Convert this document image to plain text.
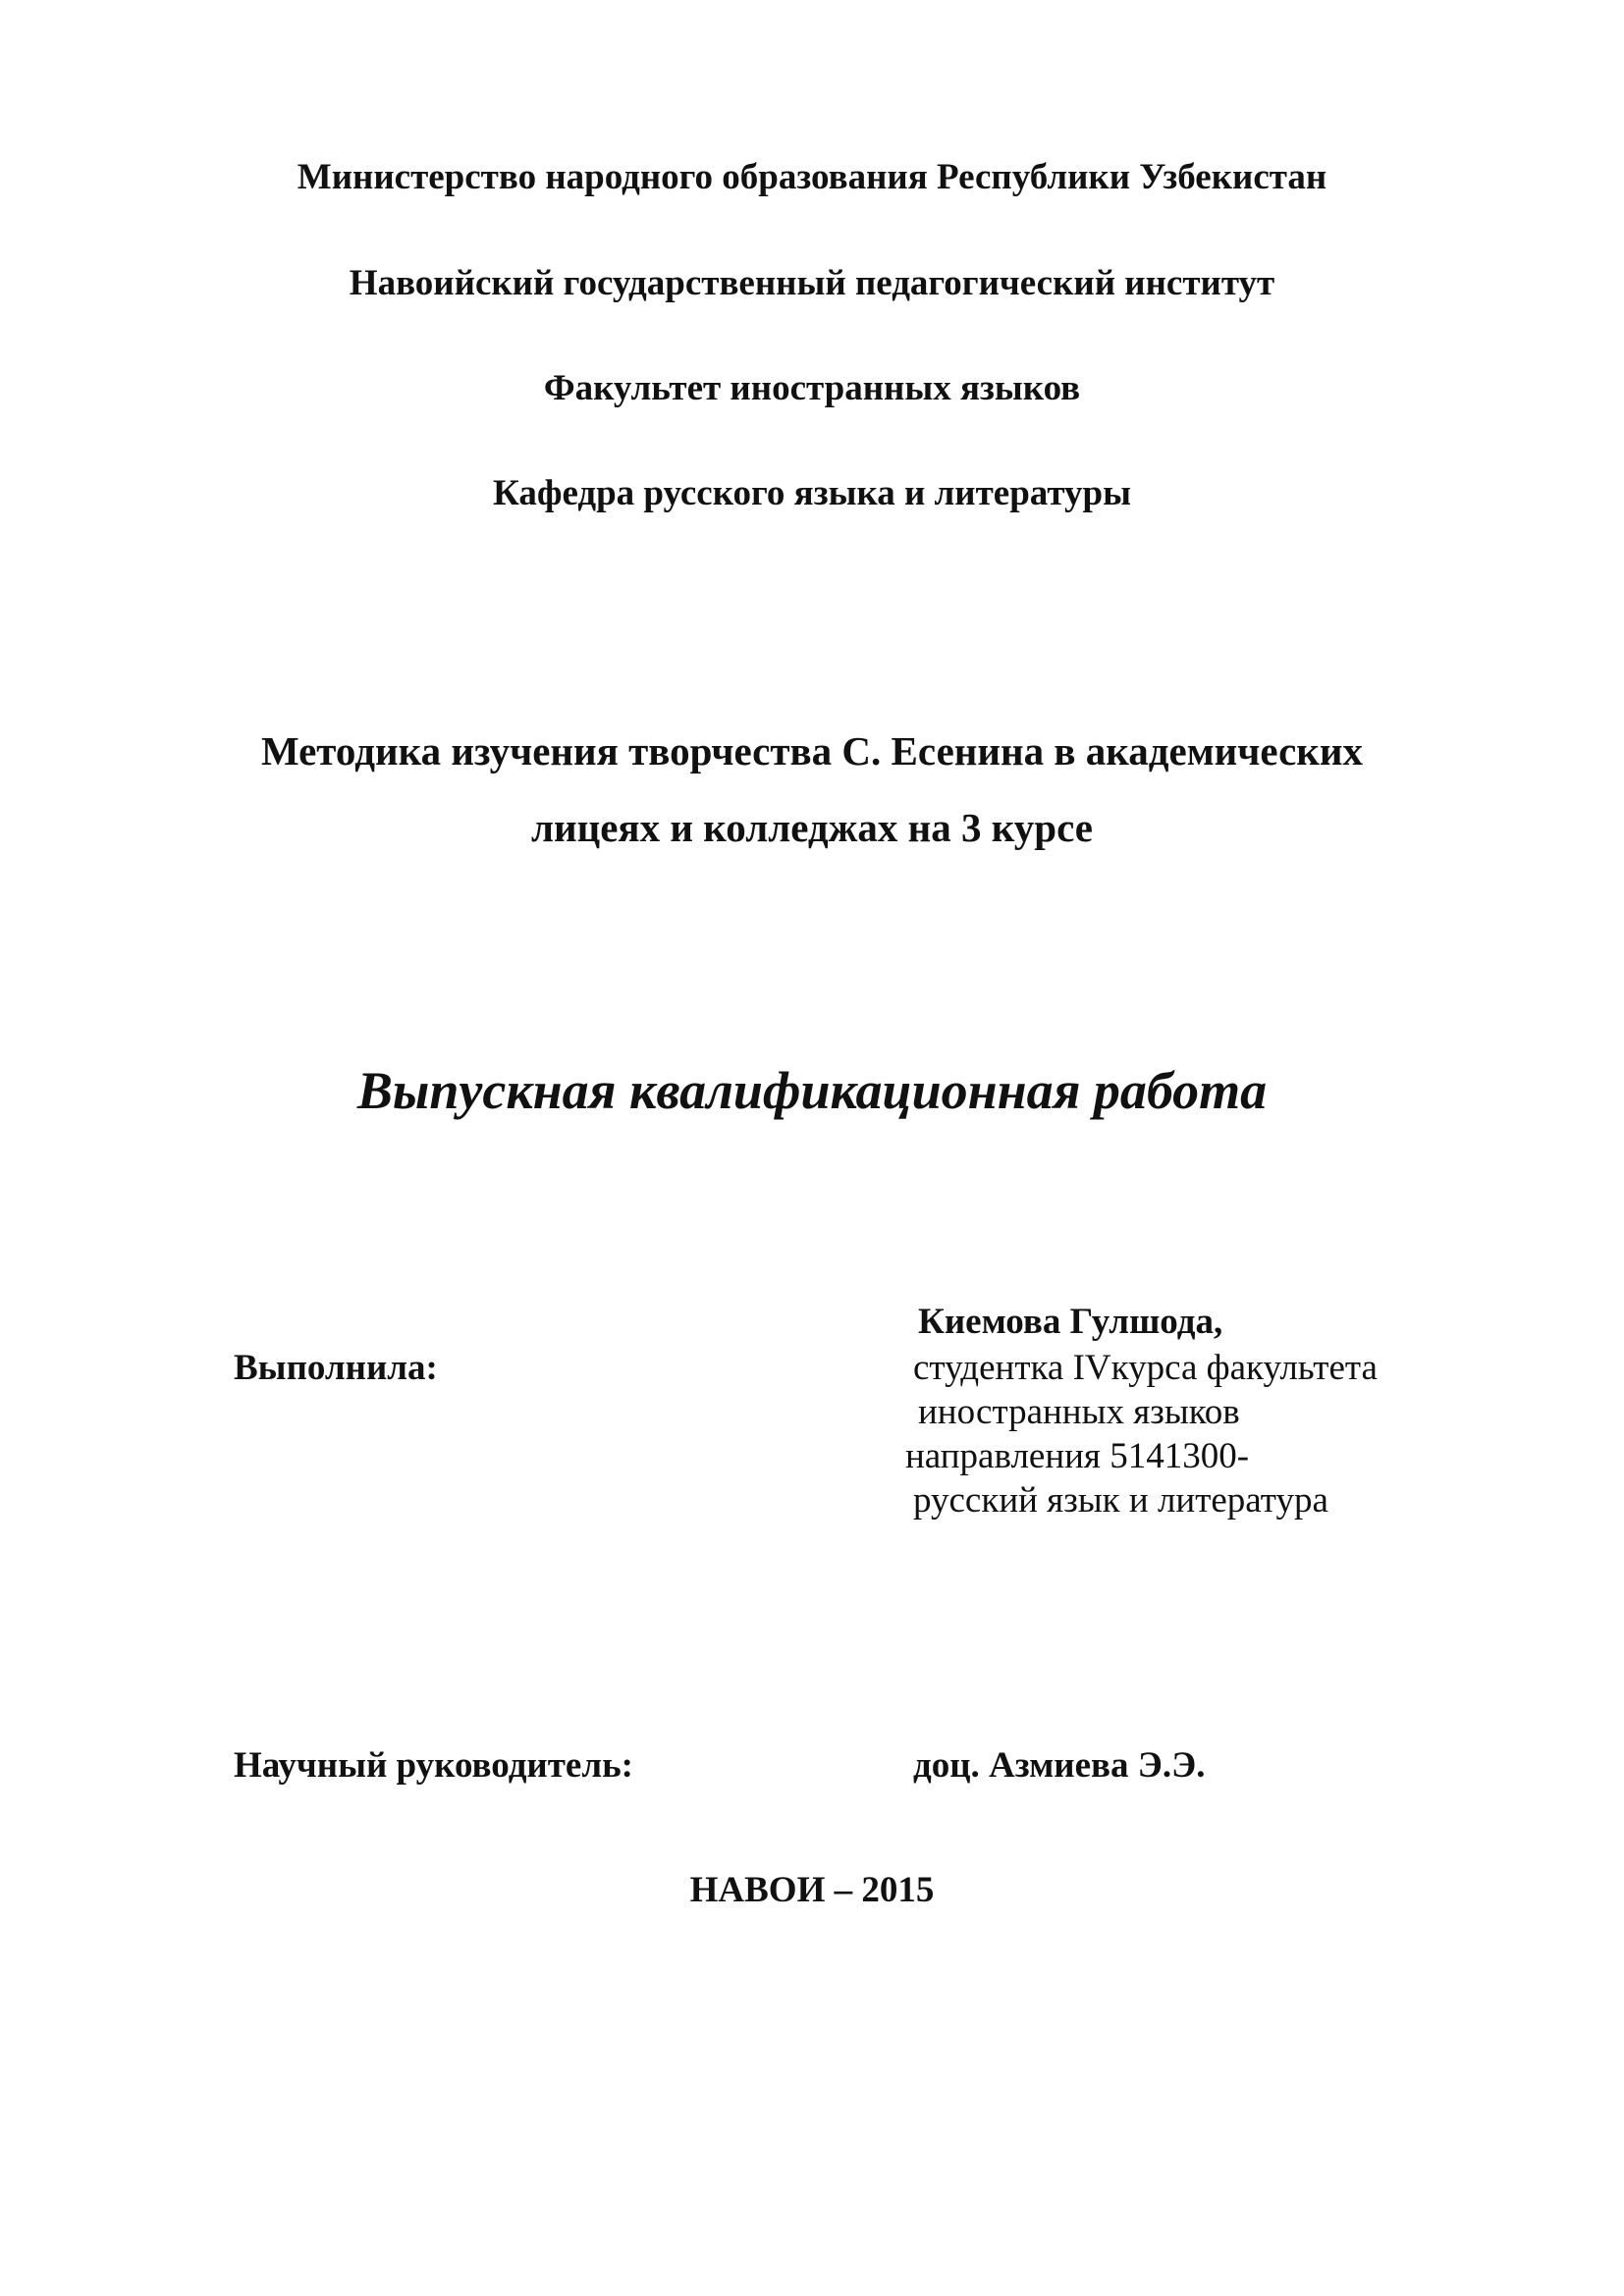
Министерство народного образования Республики Узбекистан
Навоийский государственный педагогический институт
Факультет иностранных языков
Кафедра русского языка и литературы
Методика изучения творчества С. Есенина в академических
лицеях и колледжах на 3 курсе
Выпускная квалификационная работа
Киемова Гулшода,
Выполнила:	студентка IVкурса факультета
иностранных языков
направления 5141300-
русский язык и литература
Научный руководитель:	доц. Азмиева Э.Э.
НАВОИ – 2015
